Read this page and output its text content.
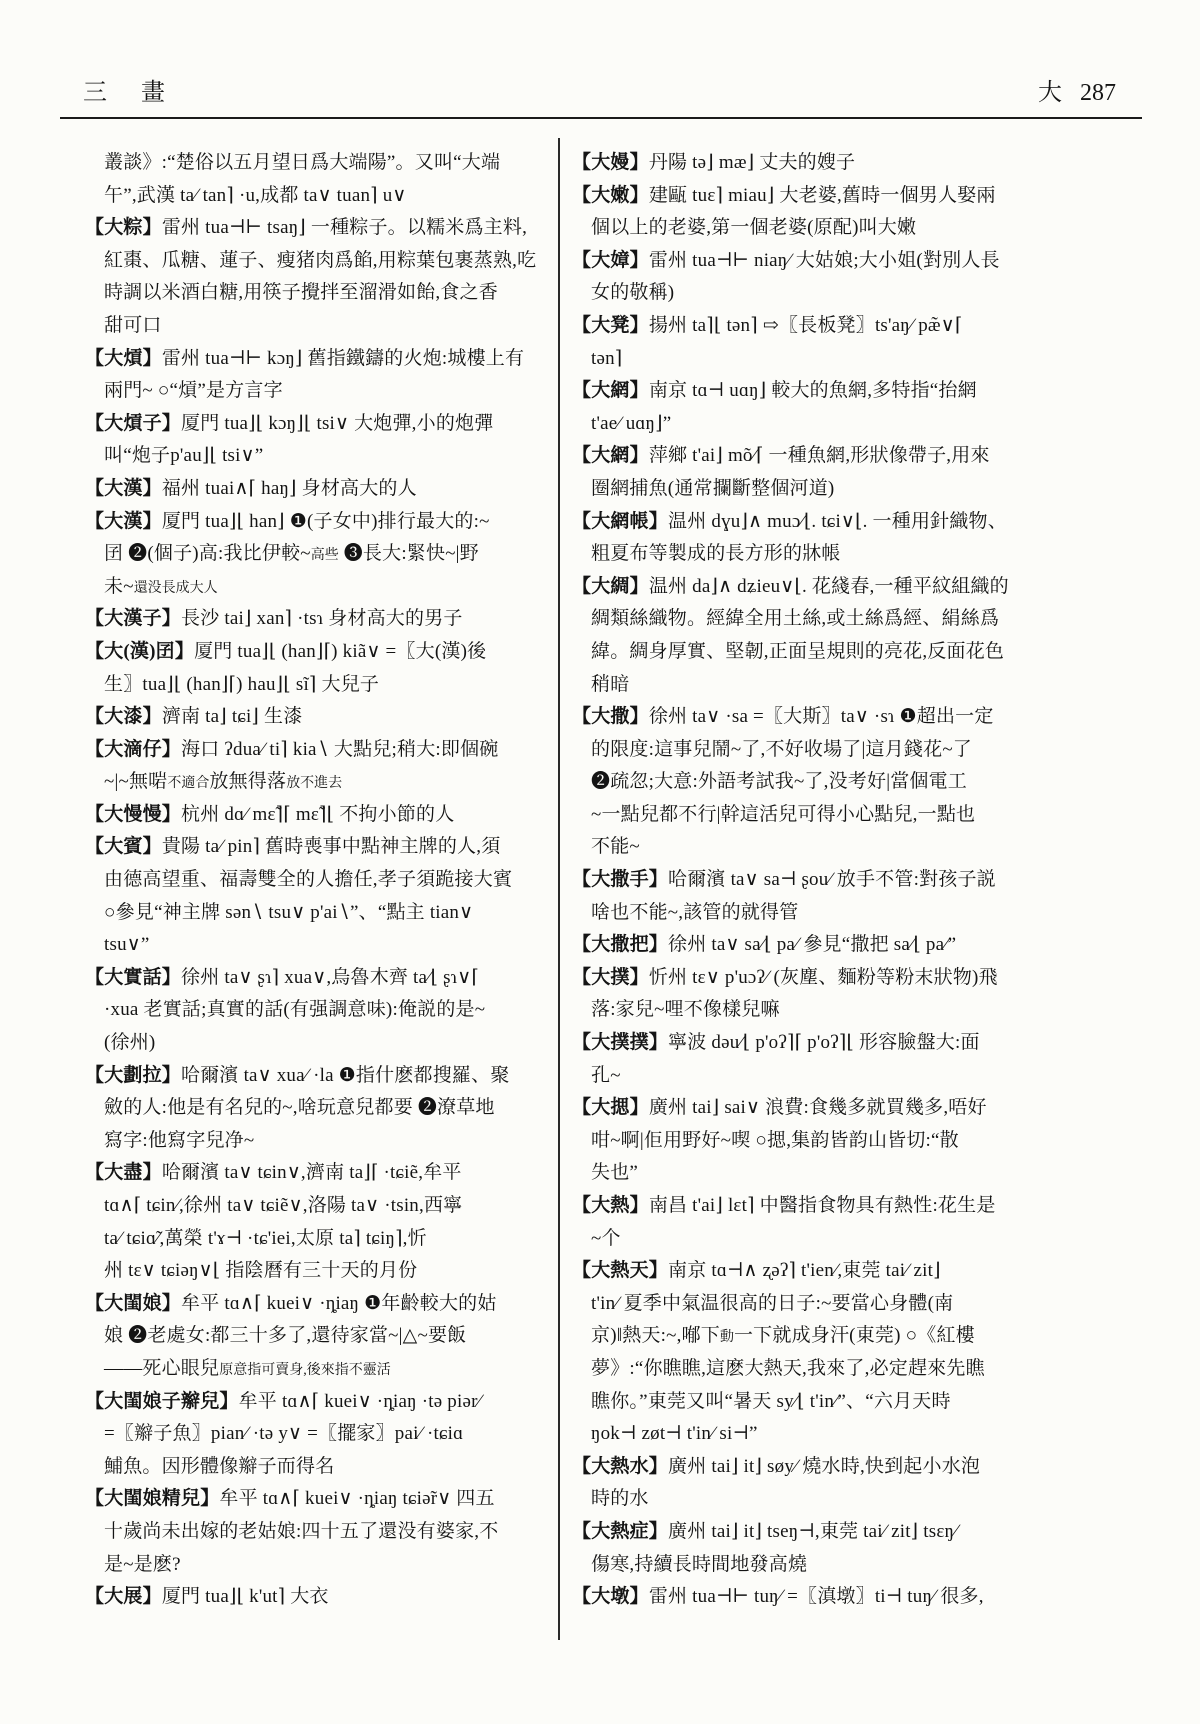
三 畫	大 287
叢談》:“楚俗以五月望日爲大端陽”。又叫“大端
午”,武漢 ta∕ tan⌉ ·u,成都 ta∨ tuan⌉ u∨
【大粽】雷州 tua⊣⊢ tsaŋ⌋ 一種粽子。以糯米爲主料,
紅棗、瓜糖、蓮子、瘦猪肉爲餡,用粽葉包裹蒸熟,吃
時調以米酒白糖,用筷子攪拌至溜滑如飴,食之香
甜可口
【大熕】雷州 tua⊣⊢ kɔŋ⌋ 舊指鐵鑄的火炮:城樓上有
兩門~ ○“熕”是方言字
【大熕子】厦門 tua⌋⌊ kɔŋ⌋⌊ tsi∨ 大炮彈,小的炮彈
叫“炮子p'au⌋⌊ tsi∨”
【大漢】福州 tuai∧⌈ haŋ⌋ 身材高大的人
【大漢】厦門 tua⌋⌊ han⌋ ❶(子女中)排行最大的:~
囝 ❷(個子)高:我比伊較~高些 ❸長大:緊快~|野
未~還没長成大人
【大漢子】長沙 tai⌋ xan⌉ ·tsɿ 身材高大的男子
【大(漢)囝】厦門 tua⌋⌊ (han⌋⌈) kiã∨ =〖大(漢)後
生〗tua⌋⌊ (han⌋⌈) hau⌋⌊ sĩ⌉ 大兒子
【大漆】濟南 ta⌋ tɕi⌋ 生漆
【大滴仔】海口 ʔdua∕ ti⌉ kia∖ 大點兒;稍大:即個碗
~|~無啱不適合放無得落放不進去
【大慢慢】杭州 dɑ∕ mɛ̃⌉⌈ mɛ̃⌉⌊ 不拘小節的人
【大賓】貴陽 ta∕ pin⌉ 舊時喪事中點神主牌的人,須
由德高望重、福壽雙全的人擔任,孝子須跪接大賓
○參見“神主牌 sən∖ tsu∨ p'ai∖”、“點主 tian∨
tsu∨”
【大實話】徐州 ta∨ ʂɿ⌉ xua∨,烏魯木齊 ta∕⌊ ʂɿ∨⌈
·xua 老實話;真實的話(有强調意味):俺説的是~
(徐州)
【大劃拉】哈爾濱 ta∨ xua∕ ·la ❶指什麽都搜羅、聚
斂的人:他是有名兒的~,啥玩意兒都要 ❷潦草地
寫字:他寫字兒净~
【大盡】哈爾濱 ta∨ tɕin∨,濟南 ta⌋⌈ ·tɕiẽ,牟平
tɑ∧⌈ tɕin∕,徐州 ta∨ tɕiẽ∨,洛陽 ta∨ ·tsin,西寧
ta∕ tɕiɑ̃∕,萬榮 t'ɤ⊣ ·tɕ'iei,太原 ta⌉ tɕiŋ⌉,忻
州 tɛ∨ tɕiəŋ∨⌊ 指陰曆有三十天的月份
【大閨娘】牟平 tɑ∧⌈ kuei∨ ·ȵiaŋ ❶年齡較大的姑
娘 ❷老處女:都三十多了,還待家當~|△~要飯
——死心眼兒原意指可賣身,後來指不靈活
【大閨娘子辮兒】牟平 tɑ∧⌈ kuei∨ ·ȵiaŋ ·tə piər∕
=〖辮子魚〗pian∕ ·tə y∨ =〖擺家〗pai∕ ·tɕiɑ
鯆魚。因形體像辮子而得名
【大閨娘精兒】牟平 tɑ∧⌈ kuei∨ ·ȵiaŋ tɕiə̃r∨ 四五
十歲尚未出嫁的老姑娘:四十五了還没有婆家,不
是~是麽?
【大展】厦門 tua⌋⌊ k'ut⌉ 大衣
【大嫚】丹陽 tə⌋ mæ⌋ 丈夫的嫂子
【大嫩】建甌 tuɛ⌉ miau⌋ 大老婆,舊時一個男人娶兩
個以上的老婆,第一個老婆(原配)叫大嫩
【大嫜】雷州 tua⊣⊢ niaŋ∕ 大姑娘;大小姐(對別人長
女的敬稱)
【大凳】揚州 ta⌉⌊ tən⌉ ⇨〖長板凳〗ts'aŋ∕ pæ̃∨⌈
tən⌉
【大網】南京 tɑ⊣ uɑŋ⌋ 較大的魚網,多特指“抬網
t'ae∕ uɑŋ⌋”
【大網】萍鄉 t'ai⌋ mõ∕⌈ 一種魚網,形狀像帶子,用來
圈網捕魚(通常攔斷整個河道)
【大網帳】温州 dɣu⌋∧ muɔ∕⌊. tɕi∨⌊. 一種用針織物、
粗夏布等製成的長方形的牀帳
【大綢】温州 da⌋∧ dʑieu∨⌊. 花綫春,一種平紋組織的
綢類絲織物。經緯全用土絲,或土絲爲經、絹絲爲
緯。綢身厚實、堅韌,正面呈規則的亮花,反面花色
稍暗
【大撒】徐州 ta∨ ·sa =〖大斯〗ta∨ ·sɿ ❶超出一定
的限度:這事兒鬧~了,不好收場了|這月錢花~了
❷疏忽;大意:外語考試我~了,没考好|當個電工
~一點兒都不行|幹這活兒可得小心點兒,一點也
不能~
【大撒手】哈爾濱 ta∨ sa⊣ ʂou∕ 放手不管:對孩子説
啥也不能~,該管的就得管
【大撒把】徐州 ta∨ sa∕⌊ pa∕ 參見“撒把 sa∕⌊ pa∕”
【大撲】忻州 tɛ∨ p'uɔʔ∕ (灰塵、麵粉等粉末狀物)飛
落:家兒~哩不像樣兒嘛
【大撲撲】寧波 dəu∕⌊ p'oʔ⌉⌈ p'oʔ⌉⌊ 形容臉盤大:面
孔~
【大揌】廣州 tai⌋ sai∨ 浪費:食幾多就買幾多,唔好
咁~啊|佢用野好~喫 ○揌,集韵皆韵山皆切:“散
失也”
【大熱】南昌 t'ai⌋ lɛt⌉ 中醫指食物具有熱性:花生是
~个
【大熱天】南京 tɑ⊣∧ ʐəʔ⌉ t'ien∕,東莞 tai∕ zit⌋
t'in∕ 夏季中氣温很高的日子:~要當心身體(南
京)‖熱天:~,喐下動一下就成身汗(東莞) ○《紅樓
夢》:“你瞧瞧,這麽大熱天,我來了,必定趕來先瞧
瞧你。”東莞又叫“暑天 sy∕⌊ t'in∕”、“六月天時
ŋok⊣ zøt⊣ t'in∕ si⊣”
【大熱水】廣州 tai⌋ it⌋ søy∕ 燒水時,快到起小水泡
時的水
【大熱症】廣州 tai⌋ it⌋ tseŋ⊣,東莞 tai∕ zit⌋ tsɛŋ∕
傷寒,持續長時間地發高燒
【大墩】雷州 tua⊣⊢ tuŋ∕ =〖滇墩〗ti⊣ tuŋ∕ 很多,
